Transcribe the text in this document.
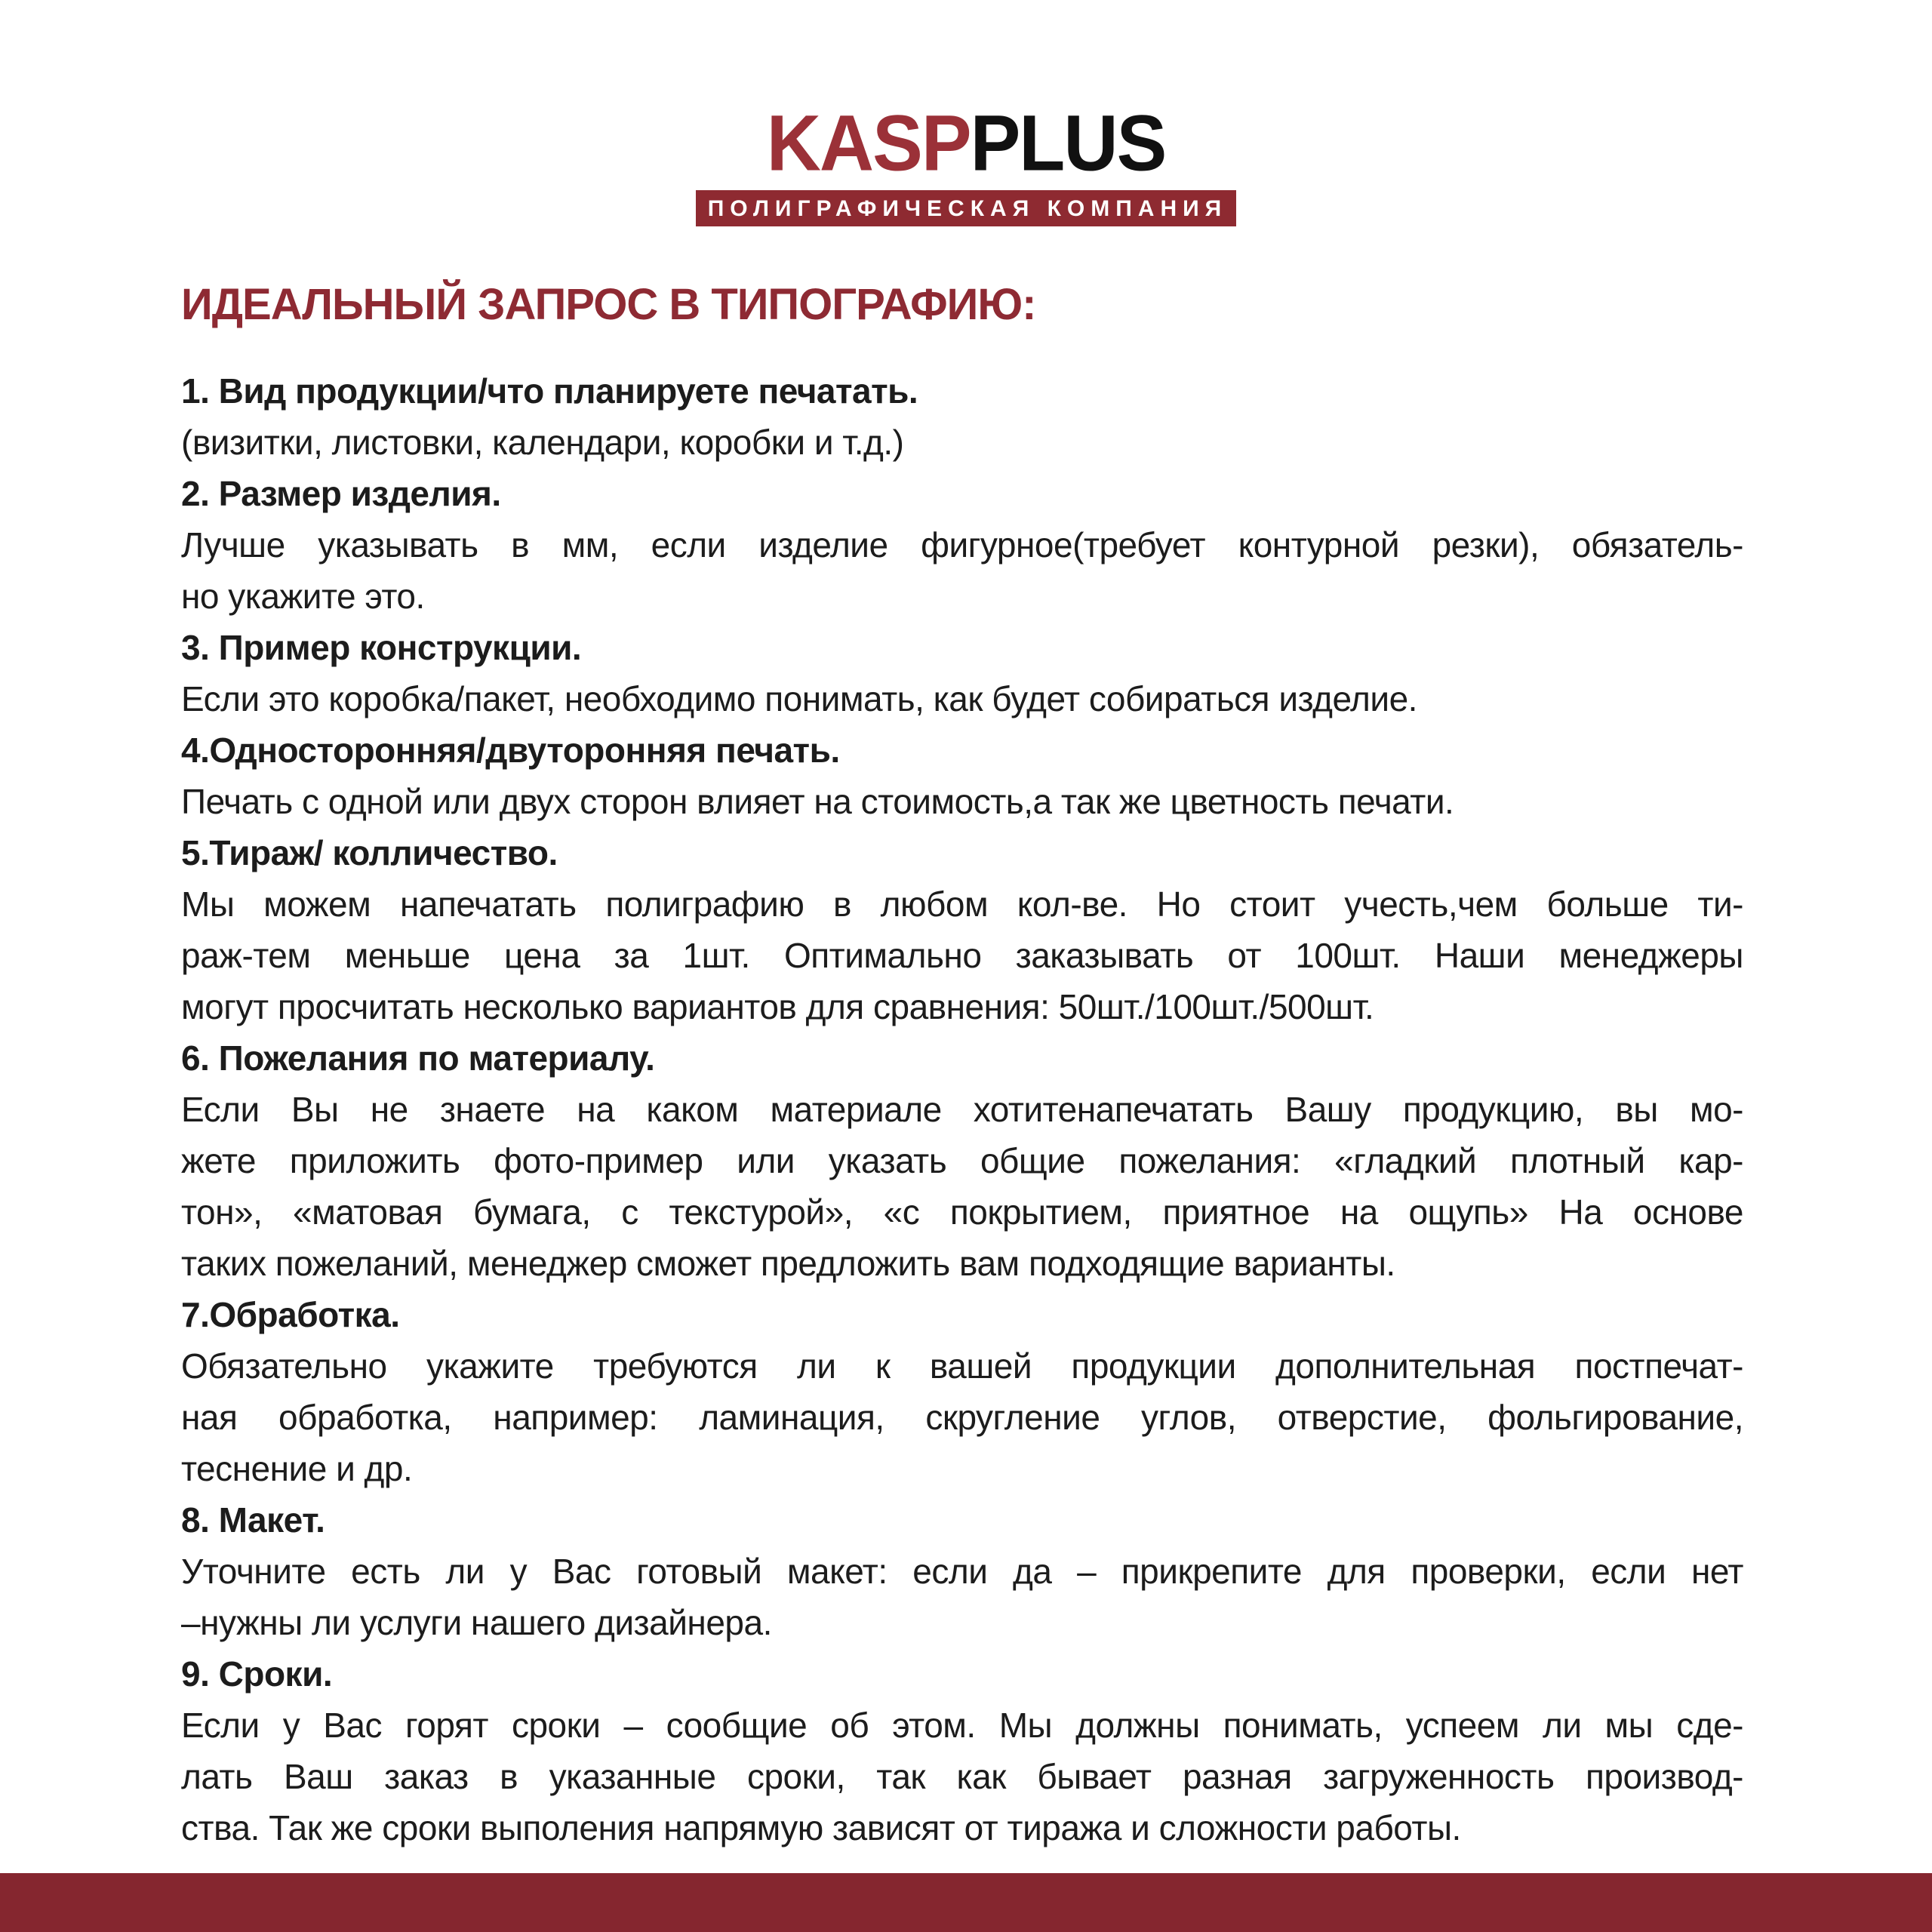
KASPPLUS
ПОЛИГРАФИЧЕСКАЯ КОМПАНИЯ
ИДЕАЛЬНЫЙ ЗАПРОС В ТИПОГРАФИЮ:
1. Вид продукции/что планируете печатать.
(визитки, листовки, календари, коробки и т.д.)
2. Размер изделия.
Лучше указывать в мм, если изделие фигурное(требует контурной резки), обязатель-
но укажите это.
3. Пример конструкции.
Если это коробка/пакет, необходимо понимать, как будет собираться изделие.
4.Односторонняя/двуторонняя печать.
Печать с одной или двух сторон влияет на стоимость,а так же цветность печати.
5.Тираж/ колличество.
Мы можем напечатать полиграфию в любом кол-ве. Но стоит учесть,чем больше ти-
раж-тем меньше цена за 1шт. Оптимально заказывать от 100шт. Наши менеджеры
могут просчитать несколько вариантов для сравнения: 50шт./100шт./500шт.
6. Пожелания по материалу.
Если Вы не знаете на каком материале хотитенапечатать Вашу продукцию, вы мо-
жете приложить фото-пример или указать общие пожелания: «гладкий плотный кар-
тон», «матовая бумага, с текстурой», «с покрытием, приятное на ощупь» На основе
таких пожеланий, менеджер сможет предложить вам подходящие варианты.
7.Обработка.
Обязательно укажите требуются ли к вашей продукции дополнительная постпечат-
ная обработка, например: ламинация, скругление углов, отверстие, фольгирование,
теснение и др.
8. Макет.
Уточните есть ли у Вас готовый макет: если да – прикрепите для проверки, если нет
–нужны ли услуги нашего дизайнера.
9. Сроки.
Если у Вас горят сроки – сообщие об этом. Мы должны понимать, успеем ли мы сде-
лать Ваш заказ в указанные сроки, так как бывает разная загруженность производ-
ства. Так же сроки выполения напрямую зависят от тиража и сложности работы.
